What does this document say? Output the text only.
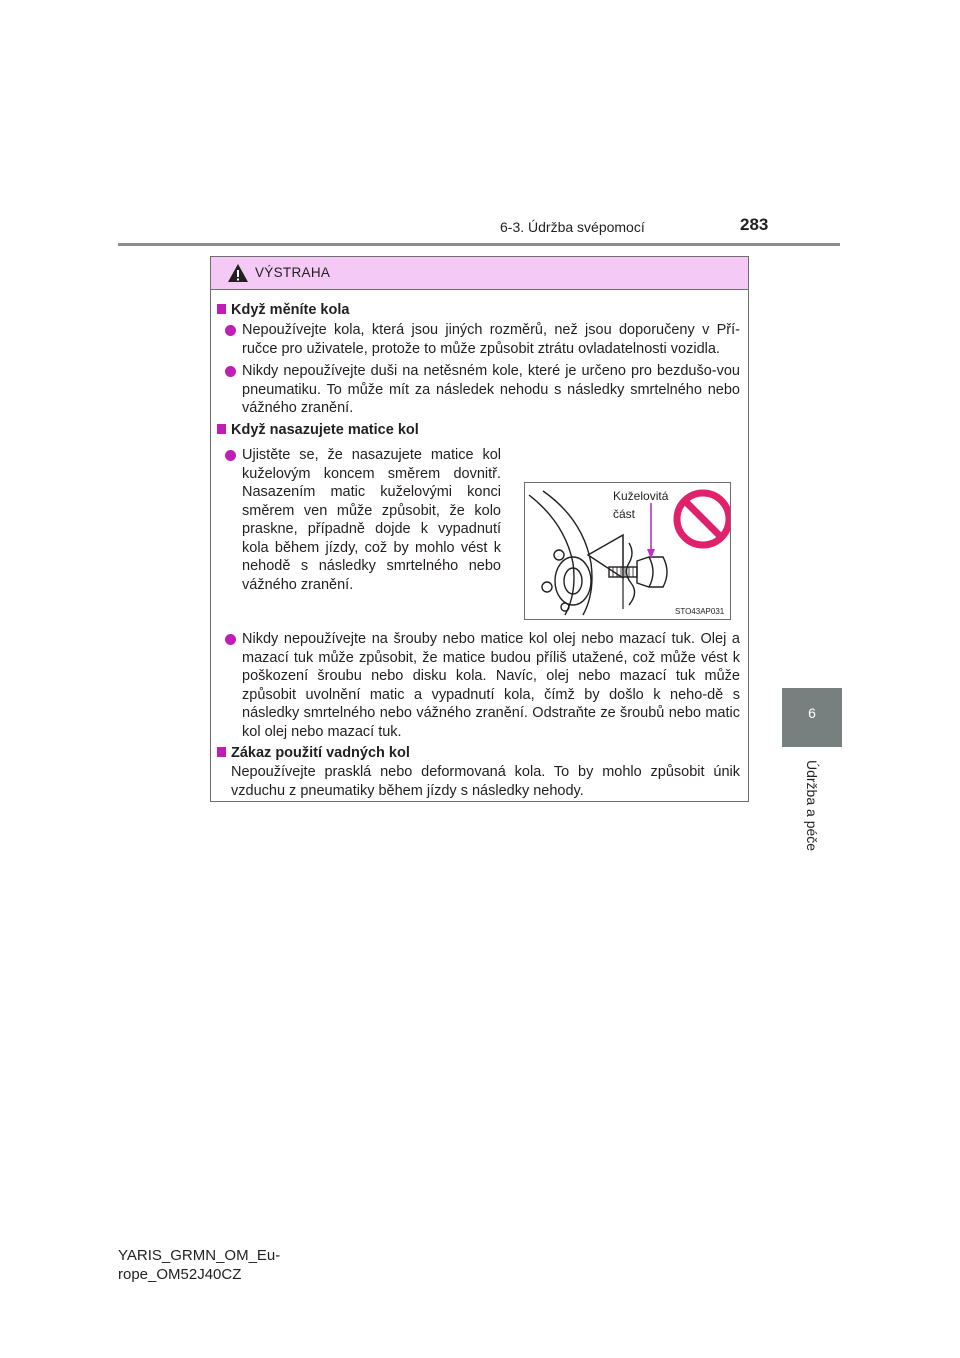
6-3. Údržba svépomocí	283
6
Údržba a péče
VÝSTRAHA
Když měníte kola
Nepoužívejte kola, která jsou jiných rozměrů, než jsou doporučeny v Pří-ručce pro uživatele, protože to může způsobit ztrátu ovladatelnosti vozidla.
Nikdy nepoužívejte duši na netěsném kole, které je určeno pro bezdušo-vou pneumatiku. To může mít za následek nehodu s následky smrtelného nebo vážného zranění.
Když nasazujete matice kol
Ujistěte se, že nasazujete matice kol kuželovým koncem směrem dovnitř. Nasazením matic kuželovými konci směrem ven může způsobit, že kolo praskne, případně dojde k vypadnutí kola během jízdy, což by mohlo vést k nehodě s následky smrtelného nebo vážného zranění.
Kuželovitá
část
STO43AP031
Nikdy nepoužívejte na šrouby nebo matice kol olej nebo mazací tuk. Olej a mazací tuk může způsobit, že matice budou příliš utažené, což může vést k poškození šroubu nebo disku kola. Navíc, olej nebo mazací tuk může způsobit uvolnění matic a vypadnutí kola, čímž by došlo k neho-dě s následky smrtelného nebo vážného zranění. Odstraňte ze šroubů nebo matic kol olej nebo mazací tuk.
Zákaz použití vadných kol
Nepoužívejte prasklá nebo deformovaná kola. To by mohlo způsobit únik vzduchu z pneumatiky během jízdy s následky nehody.
YARIS_GRMN_OM_Eu-
rope_OM52J40CZ
